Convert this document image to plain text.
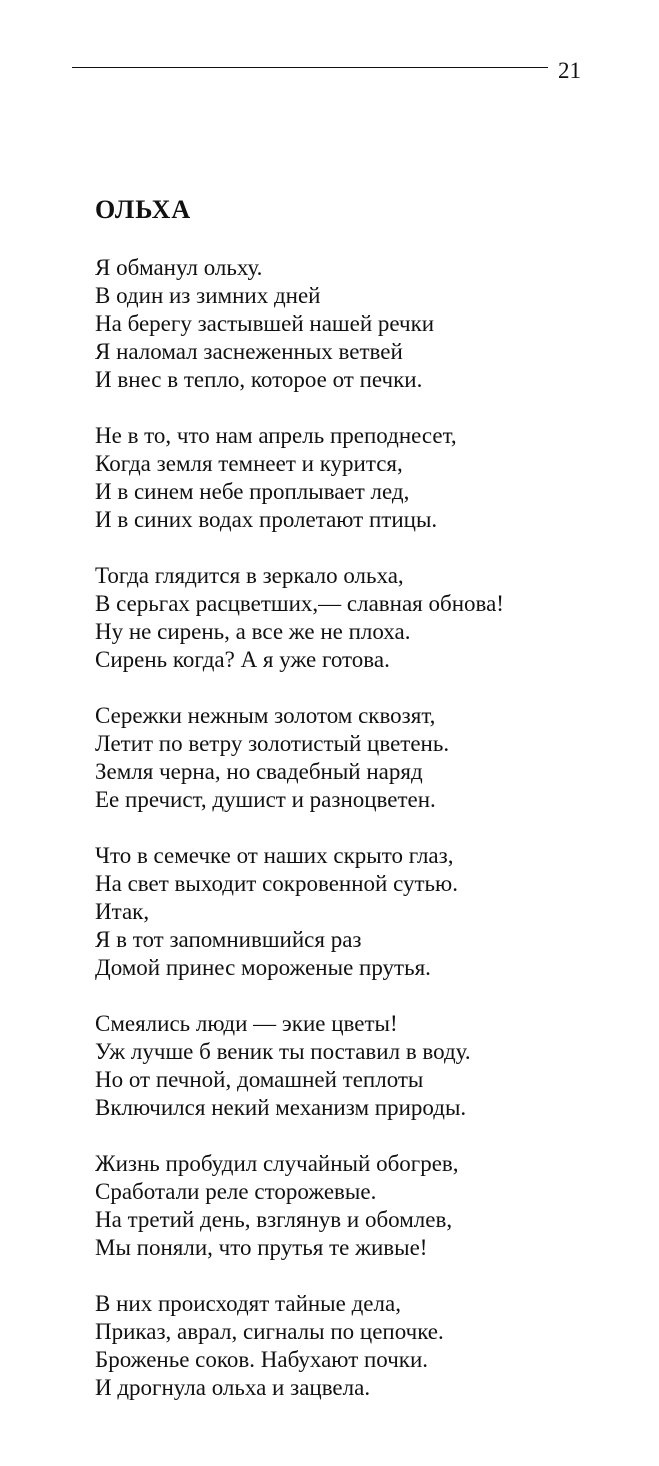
21
ОЛЬХА
Я обманул ольху.
В один из зимних дней
На берегу застывшей нашей речки
Я наломал заснеженных ветвей
И внес в тепло, которое от печки.
Не в то, что нам апрель преподнесет,
Когда земля темнеет и курится,
И в синем небе проплывает лед,
И в синих водах пролетают птицы.
Тогда глядится в зеркало ольха,
В серьгах расцветших,— славная обнова!
Ну не сирень, а все же не плоха.
Сирень когда? А я уже готова.
Сережки нежным золотом сквозят,
Летит по ветру золотистый цветень.
Земля черна, но свадебный наряд
Ее пречист, душист и разноцветен.
Что в семечке от наших скрыто глаз,
На свет выходит сокровенной сутью.
Итак,
Я в тот запомнившийся раз
Домой принес мороженые прутья.
Смеялись люди — экие цветы!
Уж лучше б веник ты поставил в воду.
Но от печной, домашней теплоты
Включился некий механизм природы.
Жизнь пробудил случайный обогрев,
Сработали реле сторожевые.
На третий день, взглянув и обомлев,
Мы поняли, что прутья те живые!
В них происходят тайные дела,
Приказ, аврал, сигналы по цепочке.
Броженье соков. Набухают почки.
И дрогнула ольха и зацвела.
